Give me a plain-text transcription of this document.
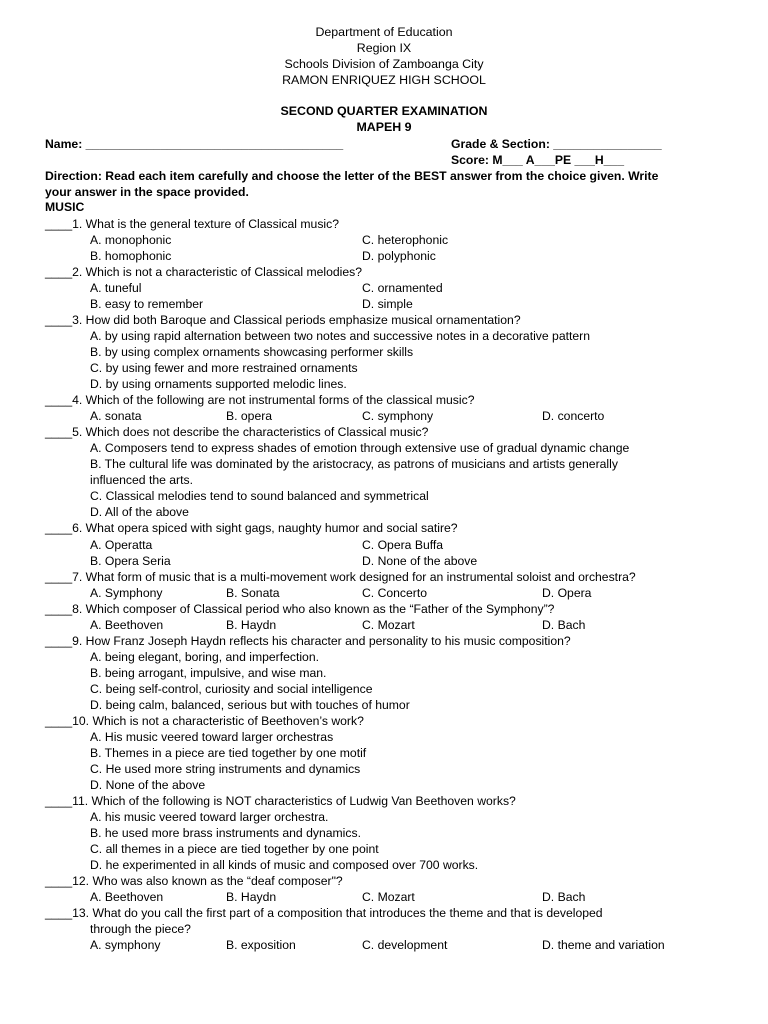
Department of Education
Region IX
Schools Division of Zamboanga City
RAMON ENRIQUEZ HIGH SCHOOL
SECOND QUARTER EXAMINATION
MAPEH 9
Name: ______________________________________	Grade & Section: ________________
Score: M___ A___PE ___H___
Direction: Read each item carefully and choose the letter of the BEST answer from the choice given. Write
your answer in the space provided.
MUSIC
____1. What is the general texture of Classical music?
A. monophonic	C. heterophonic
B. homophonic	D. polyphonic
____2. Which is not a characteristic of Classical melodies?
A. tuneful	C. ornamented
B. easy to remember	D. simple
____3. How did both Baroque and Classical periods emphasize musical ornamentation?
A. by using rapid alternation between two notes and successive notes in a decorative pattern
B. by using complex ornaments showcasing performer skills
C. by using fewer and more restrained ornaments
D. by using ornaments supported melodic lines.
____4. Which of the following are not instrumental forms of the classical music?
A. sonata	B. opera	C. symphony	D. concerto
____5. Which does not describe the characteristics of Classical music?
A. Composers tend to express shades of emotion through extensive use of gradual dynamic change
B. The cultural life was dominated by the aristocracy, as patrons of musicians and artists generally
influenced the arts.
C. Classical melodies tend to sound balanced and symmetrical
D. All of the above
____6. What opera spiced with sight gags, naughty humor and social satire?
A. Operatta	C. Opera Buffa
B. Opera Seria	D. None of the above
____7. What form of music that is a multi-movement work designed for an instrumental soloist and orchestra?
A. Symphony	B. Sonata	C. Concerto	D. Opera
____8. Which composer of Classical period who also known as the “Father of the Symphony”?
A. Beethoven	B. Haydn	C. Mozart	D. Bach
____9. How Franz Joseph Haydn reflects his character and personality to his music composition?
A. being elegant, boring, and imperfection.
B. being arrogant, impulsive, and wise man.
C. being self-control, curiosity and social intelligence
D. being calm, balanced, serious but with touches of humor
____10. Which is not a characteristic of Beethoven’s work?
A. His music veered toward larger orchestras
B. Themes in a piece are tied together by one motif
C. He used more string instruments and dynamics
D. None of the above
____11. Which of the following is NOT characteristics of Ludwig Van Beethoven works?
A. his music veered toward larger orchestra.
B. he used more brass instruments and dynamics.
C. all themes in a piece are tied together by one point
D. he experimented in all kinds of music and composed over 700 works.
____12. Who was also known as the “deaf composer"?
A. Beethoven	B. Haydn	C. Mozart	D. Bach
____13. What do you call the first part of a composition that introduces the theme and that is developed
through the piece?
A. symphony	B. exposition	C. development	D. theme and variation
